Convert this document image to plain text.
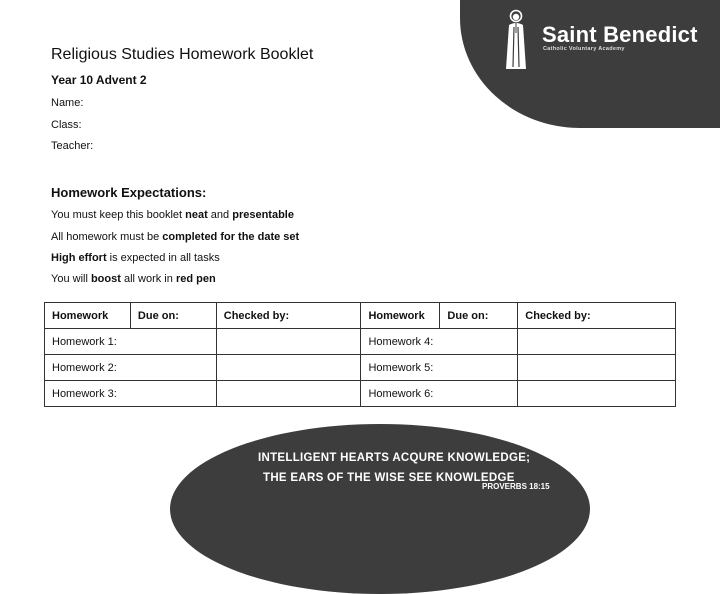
Saint Benedict
Catholic Voluntary Academy
Religious Studies Homework Booklet
Year 10 Advent 2
Name:
Class:
Teacher:
Homework Expectations:
You must keep this booklet neat and presentable
All homework must be completed for the date set
High effort is expected in all tasks
You will boost all work in red pen
Homework	Due on:	Checked by:	Homework	Due on:	Checked by:
Homework 1:			Homework 4:		
Homework 2:			Homework 5:		
Homework 3:			Homework 6:		
INTELLIGENT HEARTS ACQURE KNOWLEDGE;
THE EARS OF THE WISE SEE KNOWLEDGE
PROVERBS 18:15
